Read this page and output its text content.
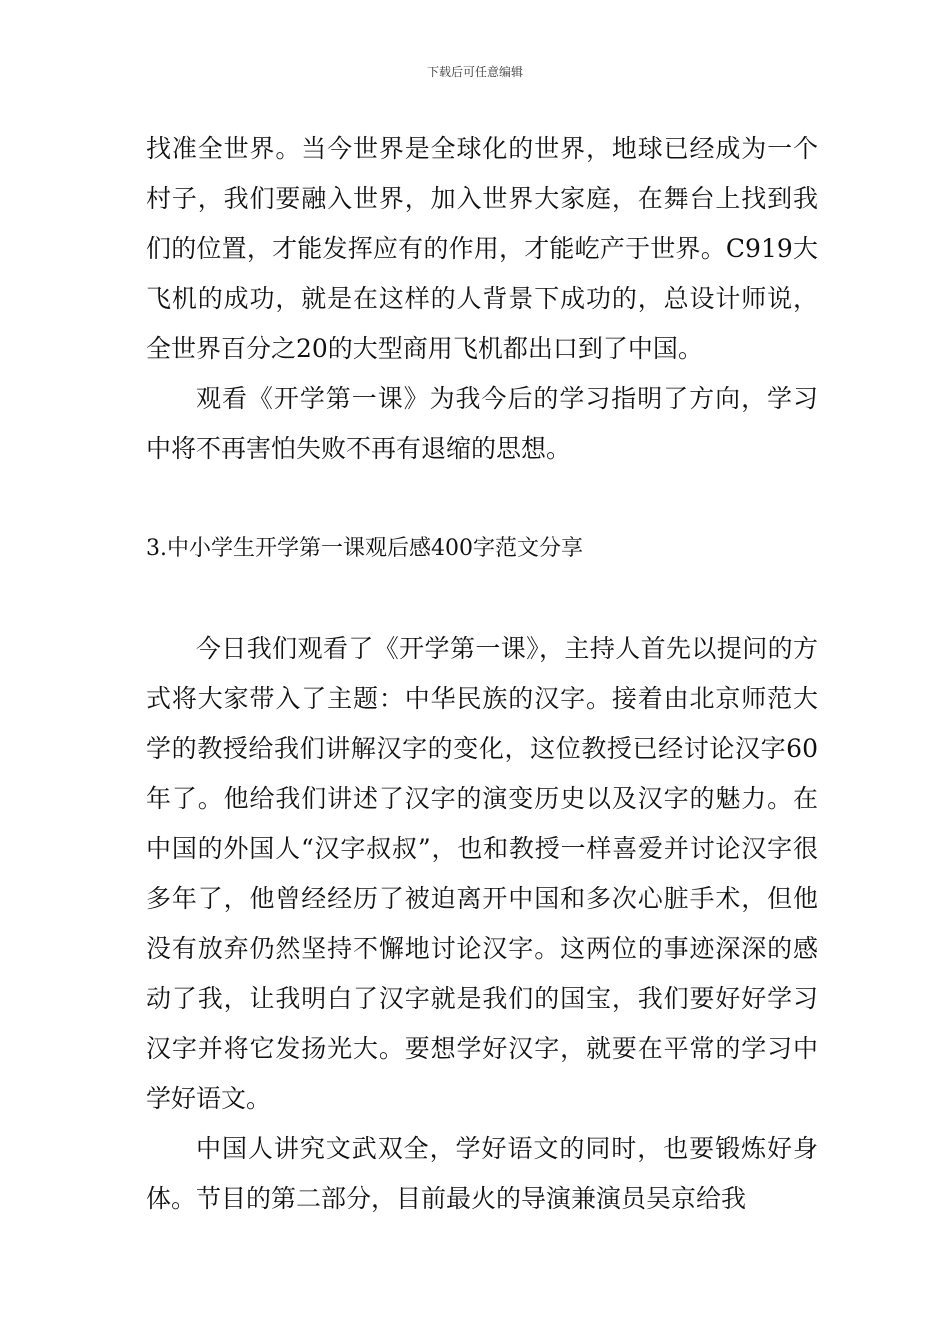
下载后可任意编辑

找准全世界。当今世界是全球化的世界，地球已经成为一个村子，我们要融入世界，加入世界大家庭，在舞台上找到我们的位置，才能发挥应有的作用，才能屹产于世界。C919大飞机的成功，就是在这样的人背景下成功的，总设计师说，全世界百分之20的大型商用飞机都出口到了中国。

观看《开学第一课》为我今后的学习指明了方向，学习中将不再害怕失败不再有退缩的思想。

3.中小学生开学第一课观后感400字范文分享

今日我们观看了《开学第一课》，主持人首先以提问的方式将大家带入了主题：中华民族的汉字。接着由北京师范大学的教授给我们讲解汉字的变化，这位教授已经讨论汉字60年了。他给我们讲述了汉字的演变历史以及汉字的魅力。在中国的外国人“汉字叔叔”，也和教授一样喜爱并讨论汉字很多年了，他曾经经历了被迫离开中国和多次心脏手术，但他没有放弃仍然坚持不懈地讨论汉字。这两位的事迹深深的感动了我，让我明白了汉字就是我们的国宝，我们要好好学习汉字并将它发扬光大。要想学好汉字，就要在平常的学习中学好语文。

中国人讲究文武双全，学好语文的同时，也要锻炼好身体。节目的第二部分，目前最火的导演兼演员吴京给我
